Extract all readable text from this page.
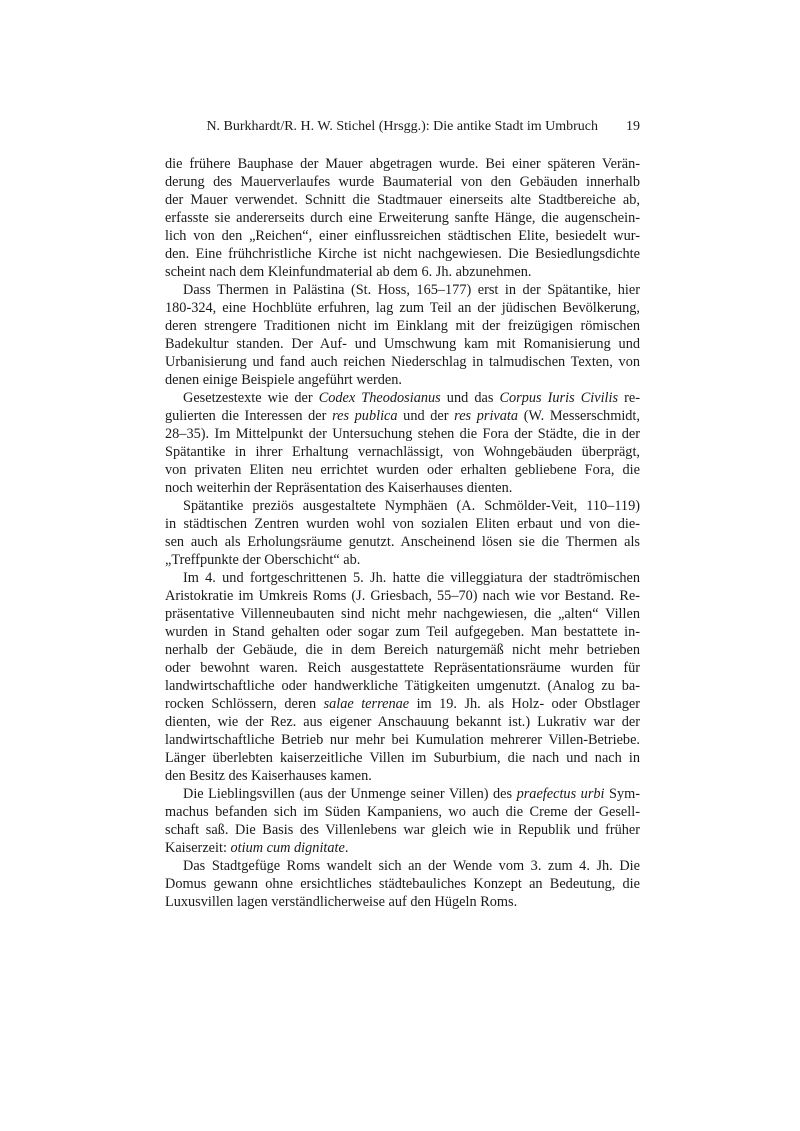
N. Burkhardt/R. H. W. Stichel (Hrsgg.): Die antike Stadt im Umbruch 19
die frühere Bauphase der Mauer abgetragen wurde. Bei einer späteren Verän-
derung des Mauerverlaufes wurde Baumaterial von den Gebäuden innerhalb
der Mauer verwendet. Schnitt die Stadtmauer einerseits alte Stadtbereiche ab,
erfasste sie andererseits durch eine Erweiterung sanfte Hänge, die augenschein-
lich von den „Reichen“, einer einflussreichen städtischen Elite, besiedelt wur-
den. Eine frühchristliche Kirche ist nicht nachgewiesen. Die Besiedlungsdichte
scheint nach dem Kleinfundmaterial ab dem 6. Jh. abzunehmen.
Dass Thermen in Palästina (St. Hoss, 165–177) erst in der Spätantike, hier
180-324, eine Hochblüte erfuhren, lag zum Teil an der jüdischen Bevölkerung,
deren strengere Traditionen nicht im Einklang mit der freizügigen römischen
Badekultur standen. Der Auf- und Umschwung kam mit Romanisierung und
Urbanisierung und fand auch reichen Niederschlag in talmudischen Texten, von
denen einige Beispiele angeführt werden.
Gesetzestexte wie der Codex Theodosianus und das Corpus Iuris Civilis re-
gulierten die Interessen der res publica und der res privata (W. Messerschmidt,
28–35). Im Mittelpunkt der Untersuchung stehen die Fora der Städte, die in der
Spätantike in ihrer Erhaltung vernachlässigt, von Wohngebäuden überprägt,
von privaten Eliten neu errichtet wurden oder erhalten gebliebene Fora, die
noch weiterhin der Repräsentation des Kaiserhauses dienten.
Spätantike preziös ausgestaltete Nymphäen (A. Schmölder-Veit, 110–119)
in städtischen Zentren wurden wohl von sozialen Eliten erbaut und von die-
sen auch als Erholungsräume genutzt. Anscheinend lösen sie die Thermen als
„Treffpunkte der Oberschicht“ ab.
Im 4. und fortgeschrittenen 5. Jh. hatte die villeggiatura der stadtrömischen
Aristokratie im Umkreis Roms (J. Griesbach, 55–70) nach wie vor Bestand. Re-
präsentative Villenneubauten sind nicht mehr nachgewiesen, die „alten“ Villen
wurden in Stand gehalten oder sogar zum Teil aufgegeben. Man bestattete in-
nerhalb der Gebäude, die in dem Bereich naturgemäß nicht mehr betrieben
oder bewohnt waren. Reich ausgestattete Repräsentationsräume wurden für
landwirtschaftliche oder handwerkliche Tätigkeiten umgenutzt. (Analog zu ba-
rocken Schlössern, deren salae terrenae im 19. Jh. als Holz- oder Obstlager
dienten, wie der Rez. aus eigener Anschauung bekannt ist.) Lukrativ war der
landwirtschaftliche Betrieb nur mehr bei Kumulation mehrerer Villen-Betriebe.
Länger überlebten kaiserzeitliche Villen im Suburbium, die nach und nach in
den Besitz des Kaiserhauses kamen.
Die Lieblingsvillen (aus der Unmenge seiner Villen) des praefectus urbi Sym-
machus befanden sich im Süden Kampaniens, wo auch die Creme der Gesell-
schaft saß. Die Basis des Villenlebens war gleich wie in Republik und früher
Kaiserzeit: otium cum dignitate.
Das Stadtgefüge Roms wandelt sich an der Wende vom 3. zum 4. Jh. Die
Domus gewann ohne ersichtliches städtebauliches Konzept an Bedeutung, die
Luxusvillen lagen verständlicherweise auf den Hügeln Roms.
